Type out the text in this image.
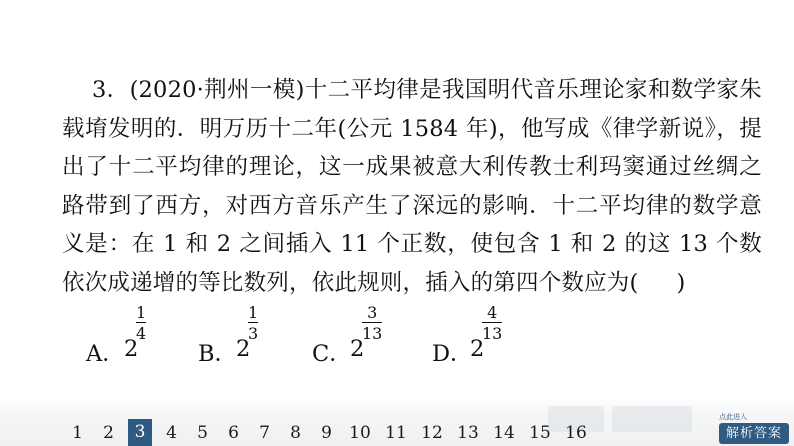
3．(2020·荆州一模)十二平均律是我国明代音乐理论家和数学家朱载堉发明的．明万历十二年(公元 1584 年)，他写成《律学新说》，提出了十二平均律的理论，这一成果被意大利传教士利玛窦通过丝绸之路带到了西方，对西方音乐产生了深远的影响．十二平均律的数学意义是：在 1 和 2 之间插入 11 个正数，使包含 1 和 2 的这 13 个数依次成递增的等比数列，依此规则，插入的第四个数应为( )
A． 2
1
4
B．
2
1
3
C．
2
3
13
D．
2
4
13
1	2	3	4	5	6	7	8	9	10 11 12 13 14 15 16
点此进入
解析答案
